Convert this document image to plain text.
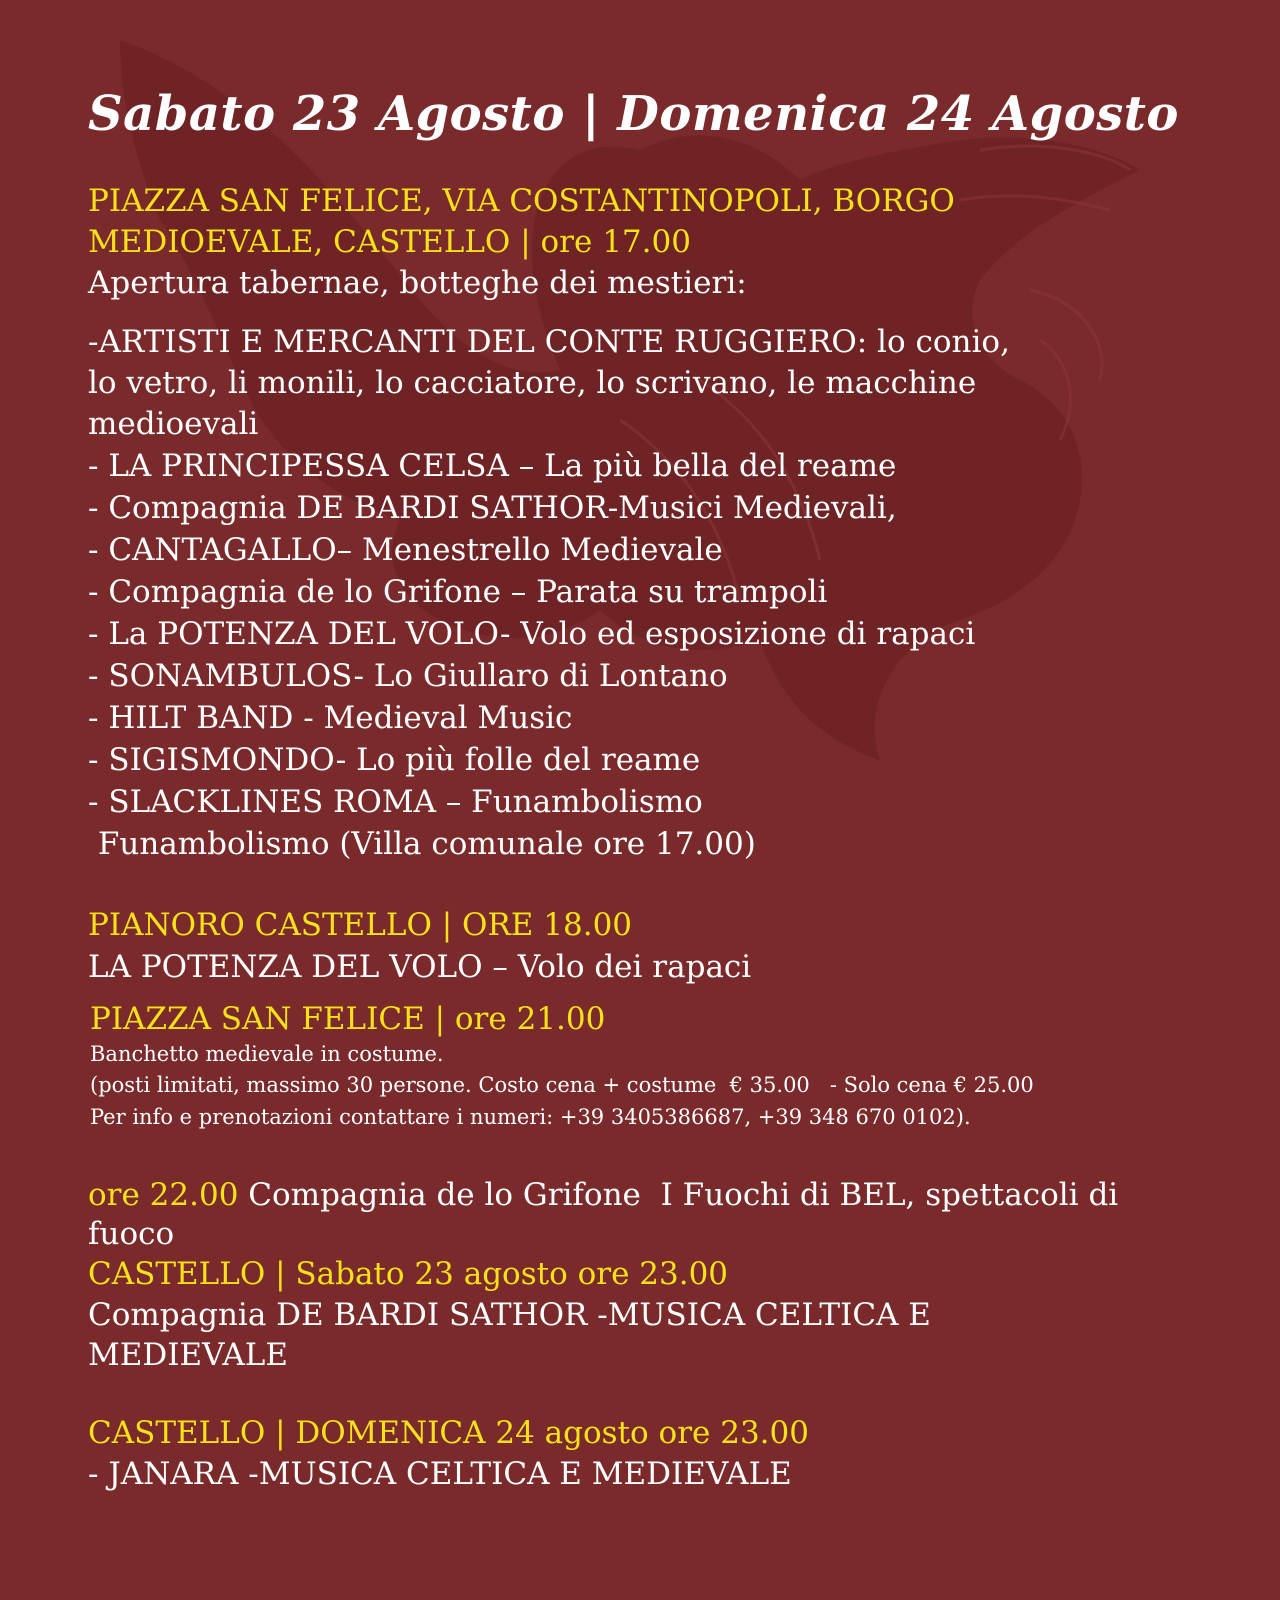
Sabato 23 Agosto | Domenica 24 Agosto
PIAZZA SAN FELICE, VIA COSTANTINOPOLI, BORGO
MEDIOEVALE, CASTELLO | ore 17.00
Apertura tabernae, botteghe dei mestieri:
-ARTISTI E MERCANTI DEL CONTE RUGGIERO: lo conio,
lo vetro, li monili, lo cacciatore, lo scrivano, le macchine
medioevali
- LA PRINCIPESSA CELSA – La più bella del reame
- Compagnia DE BARDI SATHOR-Musici Medievali,
- CANTAGALLO– Menestrello Medievale
- Compagnia de lo Grifone – Parata su trampoli
- La POTENZA DEL VOLO- Volo ed esposizione di rapaci
- SONAMBULOS- Lo Giullaro di Lontano
- HILT BAND - Medieval Music
- SIGISMONDO- Lo più folle del reame
- SLACKLINES ROMA – Funambolismo
Funambolismo (Villa comunale ore 17.00)
PIANORO CASTELLO | ORE 18.00
LA POTENZA DEL VOLO – Volo dei rapaci
PIAZZA SAN FELICE | ore 21.00
Banchetto medievale in costume.
(posti limitati, massimo 30 persone. Costo cena + costume  € 35.00   - Solo cena € 25.00
Per info e prenotazioni contattare i numeri: +39 3405386687, +39 348 670 0102).
ore 22.00 Compagnia de lo Grifone  I Fuochi di BEL, spettacoli di
fuoco
CASTELLO | Sabato 23 agosto ore 23.00
Compagnia DE BARDI SATHOR -MUSICA CELTICA E
MEDIEVALE
CASTELLO | DOMENICA 24 agosto ore 23.00
- JANARA -MUSICA CELTICA E MEDIEVALE
